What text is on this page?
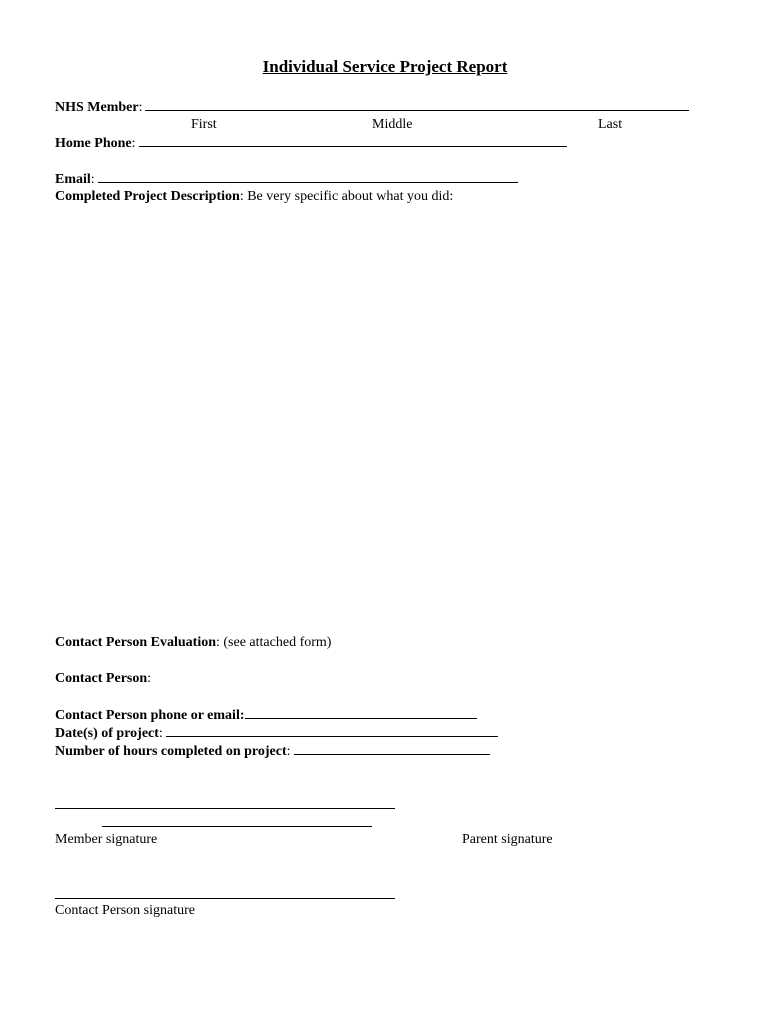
Individual Service Project Report
NHS Member:
First	Middle	Last
Home Phone:
Email:
Completed Project Description: Be very specific about what you did:
Contact Person Evaluation: (see attached form)
Contact Person:
Contact Person phone or email:
Date(s) of project:
Number of hours completed on project:
Member signature	Parent signature
Contact Person signature
